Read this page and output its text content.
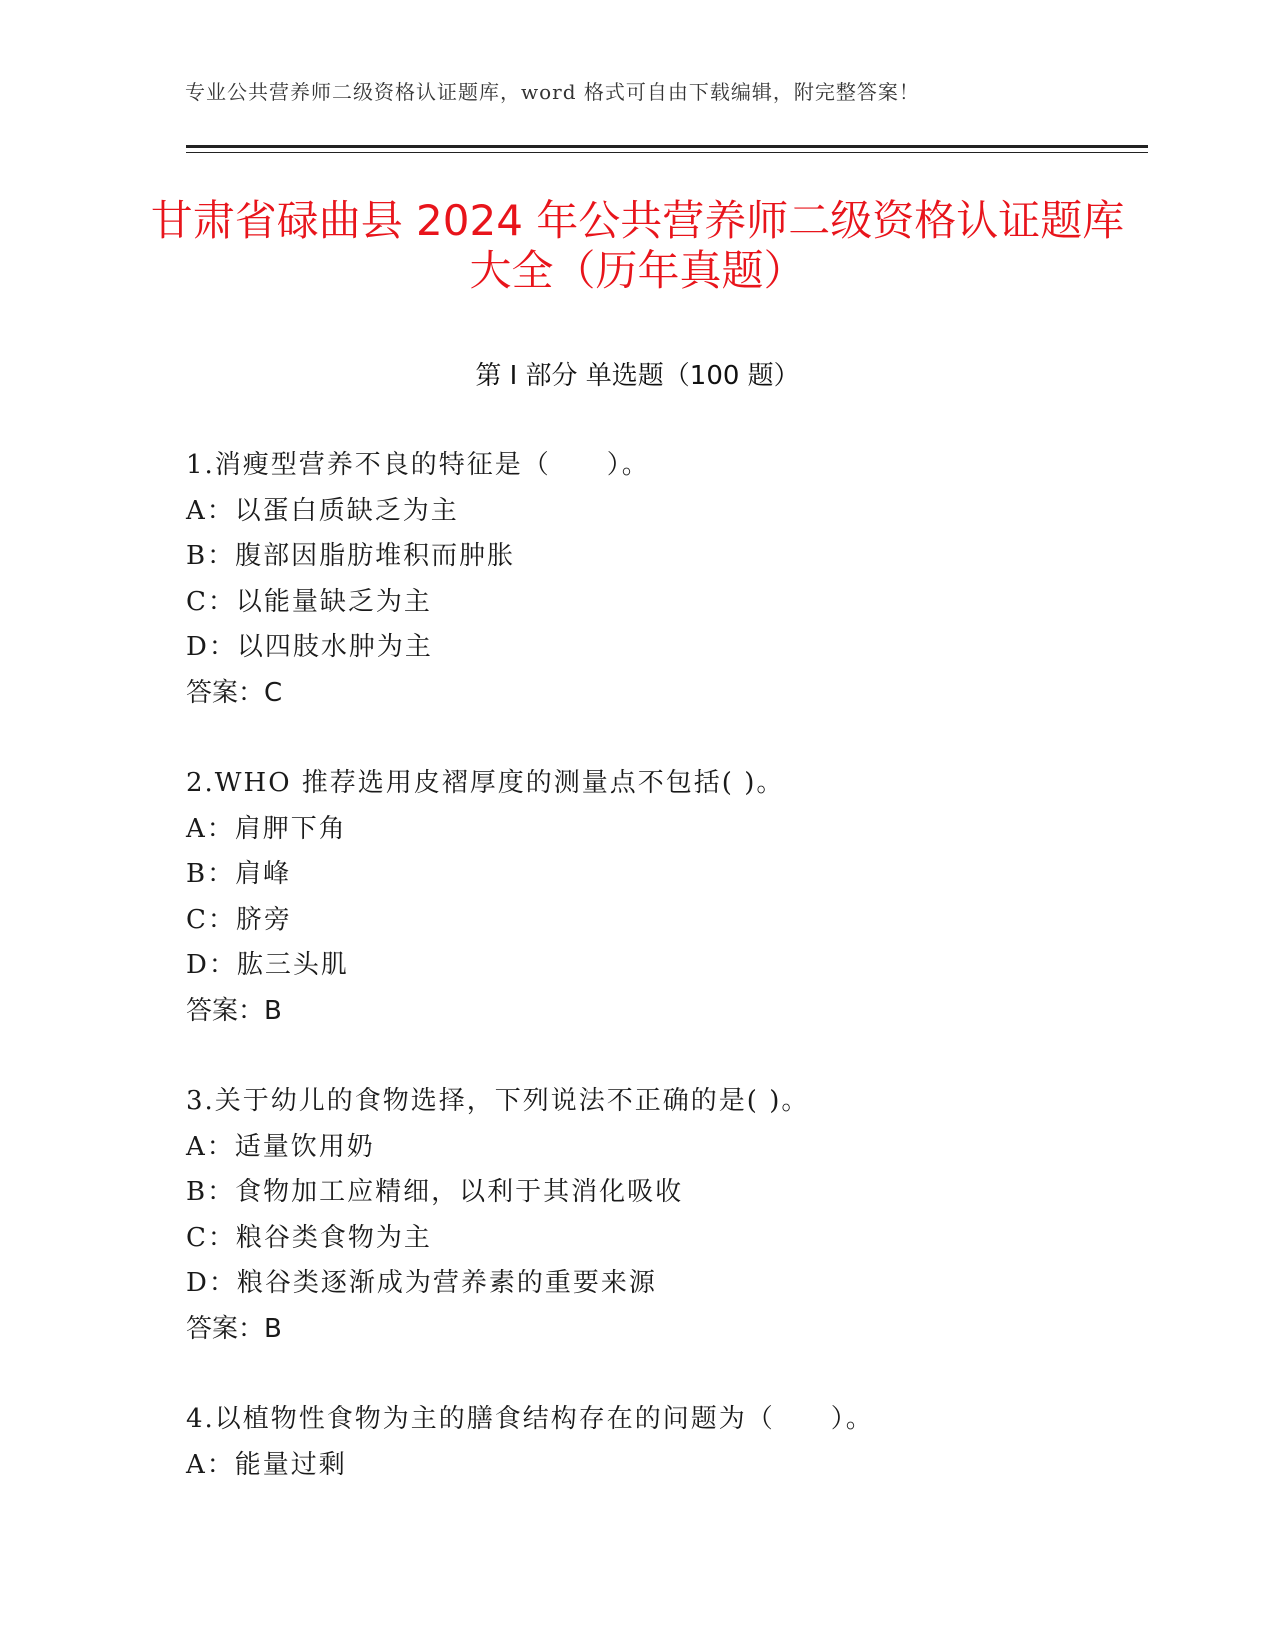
专业公共营养师二级资格认证题库，word 格式可自由下载编辑，附完整答案！
甘肃省碌曲县 2024 年公共营养师二级资格认证题库大全（历年真题）
第 I 部分 单选题（100 题）
1.消瘦型营养不良的特征是（　　）。
A：以蛋白质缺乏为主
B：腹部因脂肪堆积而肿胀
C：以能量缺乏为主
D：以四肢水肿为主
答案：C
2.WHO 推荐选用皮褶厚度的测量点不包括( )。
A：肩胛下角
B：肩峰
C：脐旁
D：肱三头肌
答案：B
3.关于幼儿的食物选择，下列说法不正确的是( )。
A：适量饮用奶
B：食物加工应精细，以利于其消化吸收
C：粮谷类食物为主
D：粮谷类逐渐成为营养素的重要来源
答案：B
4.以植物性食物为主的膳食结构存在的问题为（　　）。
A：能量过剩
